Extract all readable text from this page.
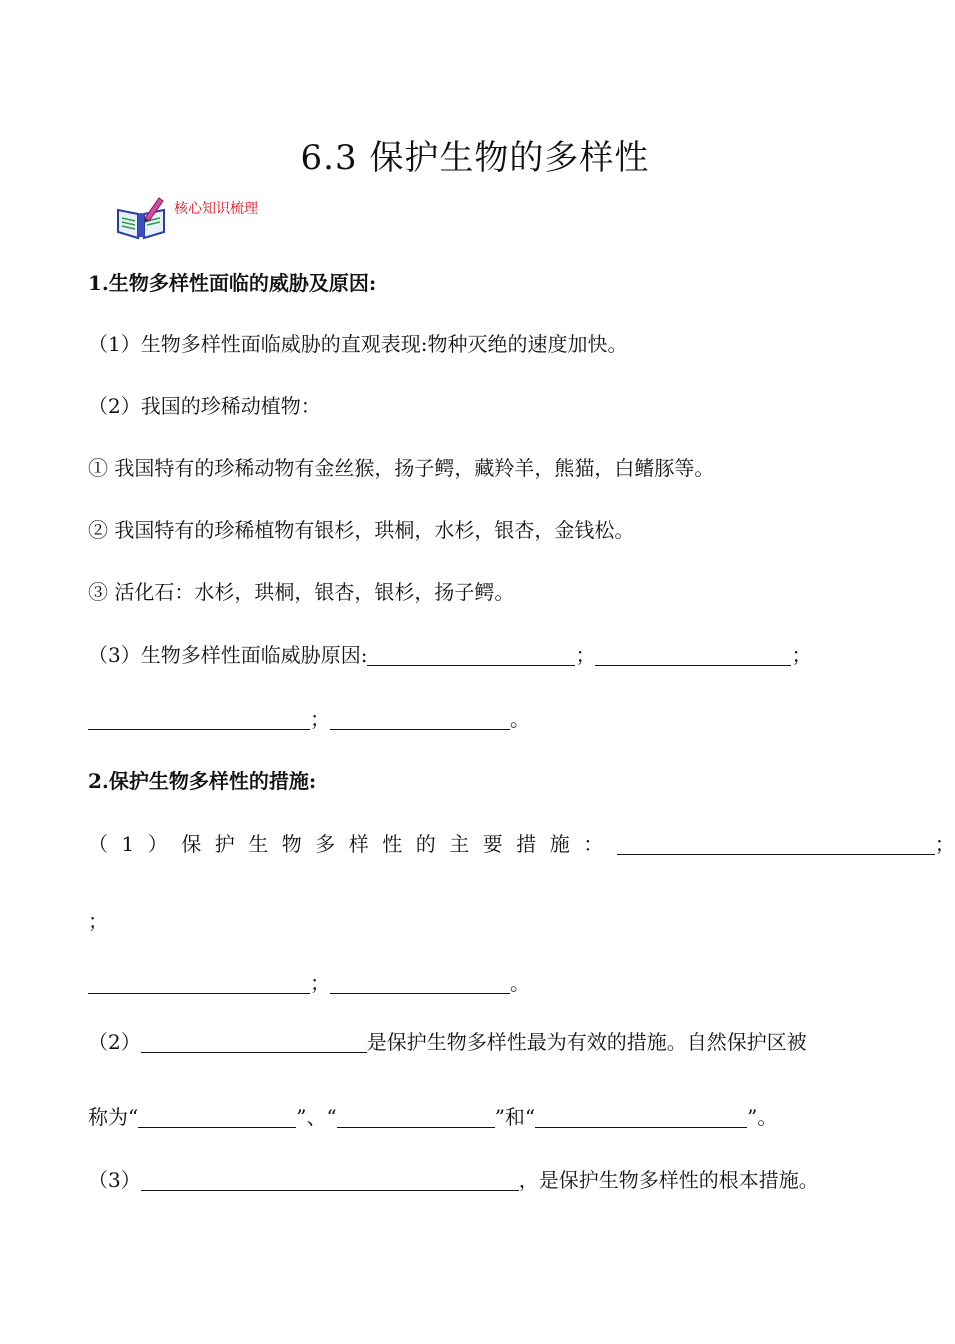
6.3 保护生物的多样性
核心知识梳理
1.生物多样性面临的威胁及原因:
（1）生物多样性面临威胁的直观表现:物种灭绝的速度加快。
（2）我国的珍稀动植物：
① 我国特有的珍稀动物有金丝猴，扬子鳄，藏羚羊，熊猫，白鳍豚等。
② 我国特有的珍稀植物有银杉，珙桐，水杉，银杏，金钱松。
③ 活化石：水杉，珙桐，银杏，银杉，扬子鳄。
（3）生物多样性面临威胁原因:	；	；
；	。
2.保护生物多样性的措施:
（1）保护生物多样性的主要措施：	；
；
；	。
（2）	是保护生物多样性最为有效的措施。自然保护区被
称为“	”、“	”和“	”。
（3）	，是保护生物多样性的根本措施。
